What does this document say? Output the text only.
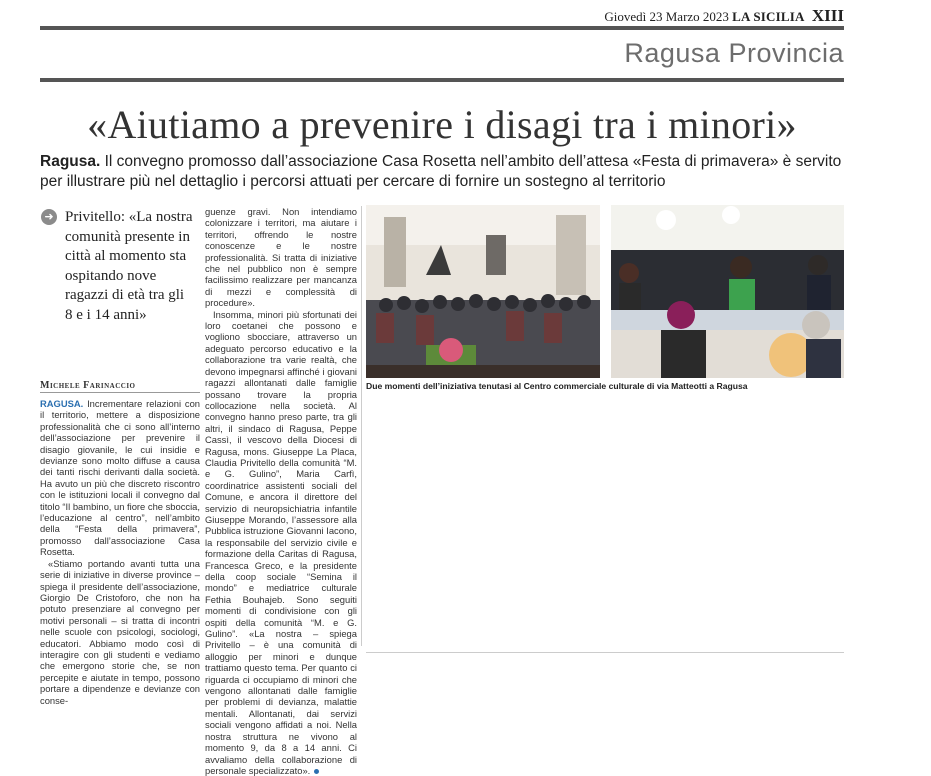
Giovedì 23 Marzo 2023 LA SICILIA XIII
Ragusa Provincia
«Aiutiamo a prevenire i disagi tra i minori»
Ragusa. Il convegno promosso dall’associazione Casa Rosetta nell’ambito dell’attesa «Festa di primavera» è servito per illustrare più nel dettaglio i percorsi attuati per cercare di fornire un sostegno al territorio
➜ Privitello: «La nostra comunità presente in città al momento sta ospitando nove ragazzi di età tra gli 8 e i 14 anni»
Michele Farinaccio

RAGUSA. Incrementare relazioni con il territorio, mettere a disposizione professionalità che ci sono all’interno dell’associazione per prevenire il disagio giovanile, le cui insidie e devianze sono molto diffuse a causa dei tanti rischi derivanti dalla società. Ha avuto un più che discreto riscontro con le istituzioni locali il convegno dal titolo “Il bambino, un fiore che sboccia, l’educazione al centro”, nell’ambito della “Festa della primavera”, promosso dall’associazione Casa Rosetta.

«Stiamo portando avanti tutta una serie di iniziative in diverse province – spiega il presidente dell’associazione, Giorgio De Cristoforo, che non ha potuto presenziare al convegno per motivi personali – si tratta di incontri nelle scuole con psicologi, sociologi, educatori. Abbiamo modo così di interagire con gli studenti e vediamo che emergono storie che, se non percepite e aiutate in tempo, possono portare a dipendenze e devianze con conse-

guenze gravi. Non intendiamo colonizzare i territori, ma aiutare i territori, offrendo le nostre conoscenze e le nostre professionalità. Si tratta di iniziative che nel pubblico non è sempre facilissimo realizzare per mancanza di mezzi e complessità di procedure».

Insomma, minori più sfortunati dei loro coetanei che possono e vogliono sbocciare, attraverso un adeguato percorso educativo e la collaborazione tra varie realtà, che devono impegnarsi affinché i giovani ragazzi allontanati dalle famiglie possano trovare la propria collocazione nella società. Al convegno hanno preso parte, tra gli altri, il sindaco di Ragusa, Peppe Cassì, il vescovo della Diocesi di Ragusa, mons. Giuseppe La Placa, Claudia Privitello della comunità “M. e G. Gulino”, Maria Carfì, coordinatrice assistenti sociali del Comune, e ancora il direttore del servizio di neuropsichiatria infantile Giuseppe Morando, l’assessore alla Pubblica istruzione Giovanni Iacono, la responsabile del servizio civile e formazione della Caritas di Ragusa, Francesca Greco, e la presidente della coop sociale “Semina il mondo” e mediatrice culturale Fethia Bouhajeb. Sono seguiti momenti di condivisione con gli ospiti della comunità “M. e G. Gulino”. «La nostra – spiega Privitello – è una comunità di alloggio per minori e dunque trattiamo questo tema. Per quanto ci riguarda ci occupiamo di minori che vengono allontanati dalle famiglie per problemi di devianza, malattie mentali. Allontanati, dai servizi sociali vengono affidati a noi. Nella nostra struttura ne vivono al momento 9, da 8 a 14 anni. Ci avvaliamo della collaborazione di personale specializzato».

Due momenti dell’iniziativa tenutasi al Centro commerciale culturale di via Matteotti a Ragusa
